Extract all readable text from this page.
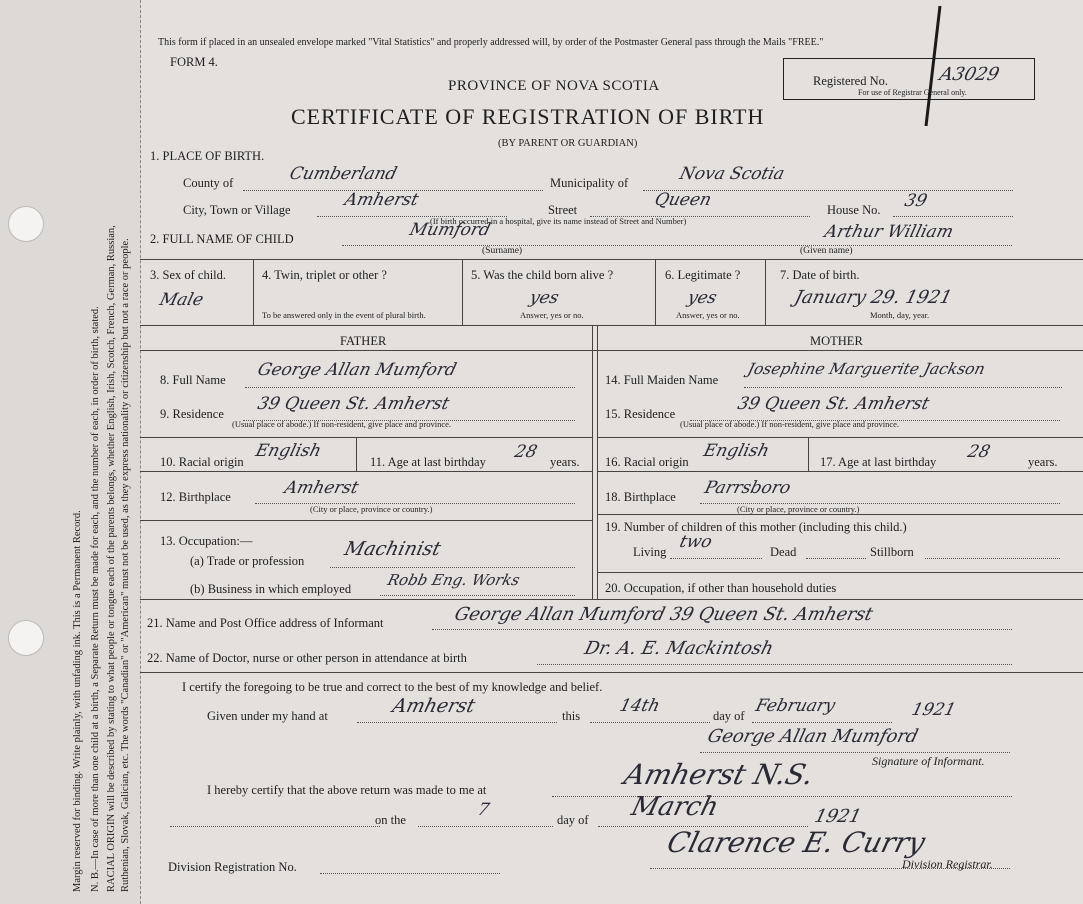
Margin reserved for binding. Write plainly, with unfading ink. This is a Permanent Record. N. B.—In case of more than one child at a birth, a Separate Return must be made for each, and the number of each, in order of birth, stated. RACIAL ORIGIN will be described by stating to what people or tongue each of the parents belongs, whether English, Irish, Scotch, French, German, Russian, Ruthenian, Slovak, Galician, etc. The words "Canadian" or "American" must not be used, as they express nationality or citizenship but not a race or people.
This form if placed in an unsealed envelope marked "Vital Statistics" and properly addressed will, by order of the Postmaster General pass through the Mails "FREE."
FORM 4.
PROVINCE OF NOVA SCOTIA
CERTIFICATE OF REGISTRATION OF BIRTH
(BY PARENT OR GUARDIAN)
Registered No.	A3029
For use of Registrar General only.
1. PLACE OF BIRTH.
County of	Cumberland	Municipality of	Nova Scotia
City, Town or Village	Amherst	Street	Queen	House No. 39
(If birth occurred in a hospital, give its name instead of Street and Number)
2. FULL NAME OF CHILD	Mumford	Arthur William
(Surname)	(Given name)
3. Sex of child.
Male
4. Twin, triplet or other ?
To be answered only in the event of plural birth.
5. Was the child born alive ?
yes
Answer, yes or no.
6. Legitimate ?
yes
Answer, yes or no.
7. Date of birth.
January 29. 1921
Month, day, year.
FATHER	MOTHER
8. Full Name George Allan Mumford
9. Residence 39 Queen St. Amherst
(Usual place of abode.) If non-resident, give place and province.
10. Racial origin
English
11. Age at last birthday 28 years.
12. Birthplace	Amherst
(City or place, province or country.)
13. Occupation:—
(a) Trade or profession
Machinist
(b) Business in which employed Robb Eng. Works
14. Full Maiden Name
Josephine Marguerite Jackson
15. Residence	39 Queen St. Amherst
(Usual place of abode.) If non-resident, give place and province.
16. Racial origin
English
17. Age at last birthday 28	years.
18. Birthplace Parrsboro
(City or place, province or country.)
19. Number of children of this mother (including this child.)
Living two	Dead	Stillborn
20. Occupation, if other than household duties
21. Name and Post Office address of Informant	George Allan Mumford 39 Queen St. Amherst
22. Name of Doctor, nurse or other person in attendance at birth	Dr. A. E. Mackintosh
I certify the foregoing to be true and correct to the best of my knowledge and belief.
Given under my hand at	Amherst	this 14th	day of February	1921
George Allan Mumford
Signature of Informant.
I hereby certify that the above return was made to me at	Amherst N.S.
on the	7	day of March	1921
Division Registration No.
Clarence E. Curry
Division Registrar.
